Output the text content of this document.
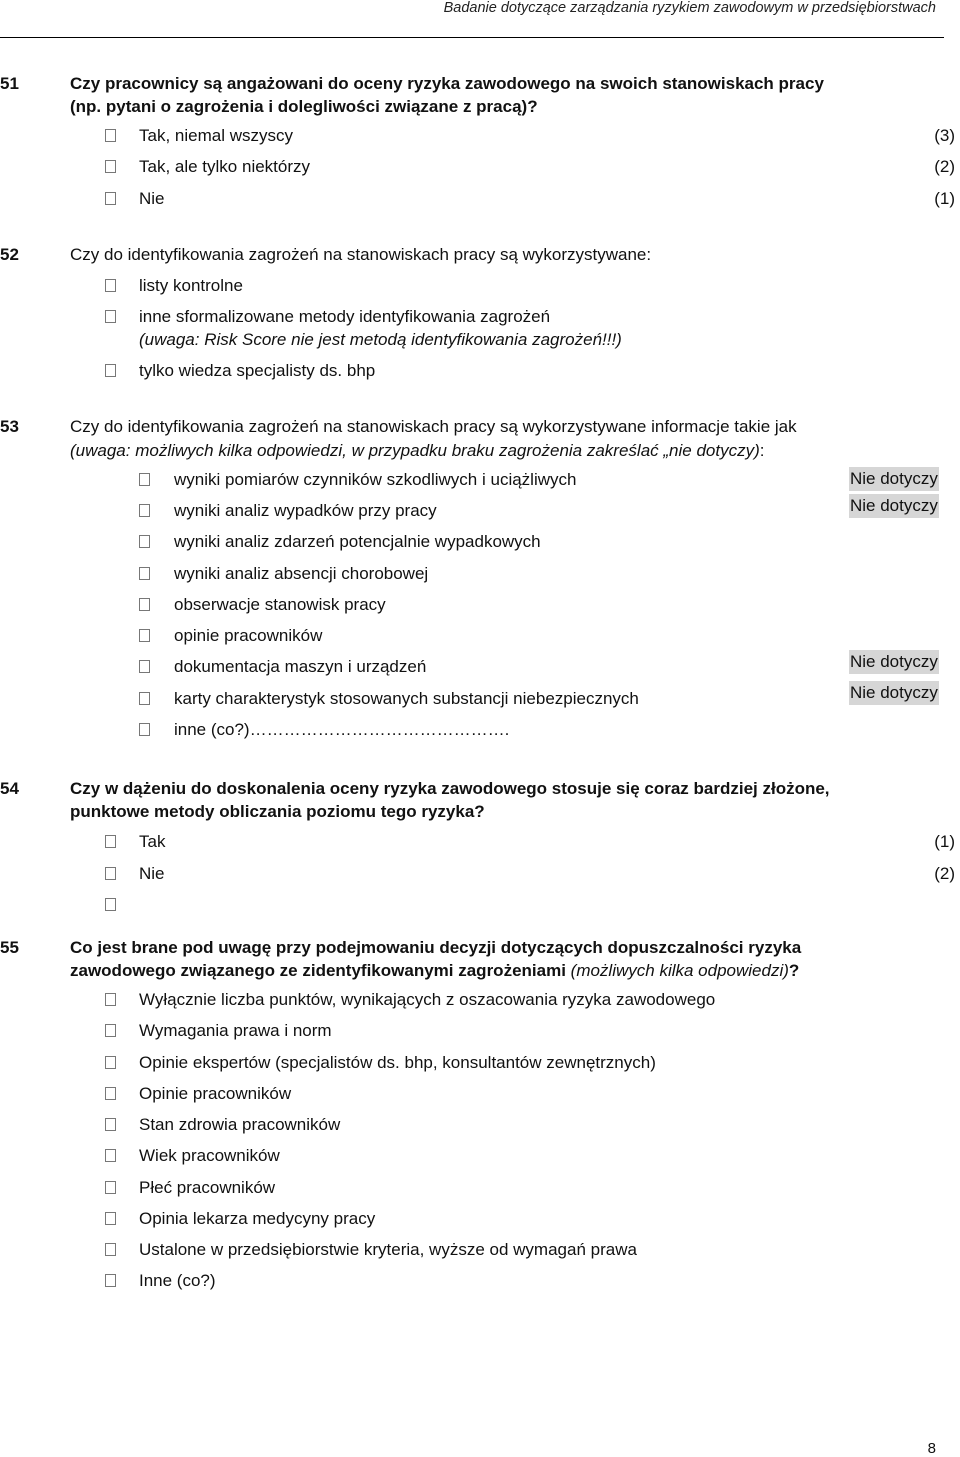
Badanie dotyczące zarządzania ryzykiem zawodowym w przedsiębiorstwach
51	Czy pracownicy są angażowani do oceny ryzyka zawodowego na swoich stanowiskach pracy
(np. pytani o zagrożenia i dolegliwości związane z pracą)?
Tak, niemal wszyscy	(3)
Tak, ale tylko niektórzy	(2)
Nie	(1)
52	Czy do identyfikowania zagrożeń na stanowiskach pracy są wykorzystywane:
listy kontrolne
inne sformalizowane metody identyfikowania zagrożeń
(uwaga: Risk Score nie jest metodą identyfikowania zagrożeń!!!)
tylko wiedza specjalisty ds. bhp
53	Czy do identyfikowania zagrożeń na stanowiskach pracy są wykorzystywane informacje takie jak
(uwaga: możliwych kilka odpowiedzi, w przypadku braku zagrożenia zakreślać „nie dotyczy):
wyniki pomiarów czynników szkodliwych i uciążliwych	Nie dotyczy
wyniki analiz wypadków przy pracy	Nie dotyczy
wyniki analiz zdarzeń potencjalnie wypadkowych
wyniki analiz absencji chorobowej
obserwacje stanowisk pracy
opinie pracowników
dokumentacja maszyn i urządzeń	Nie dotyczy
karty charakterystyk stosowanych substancji niebezpiecznych	Nie dotyczy
inne (co?)……………………………………….
54	Czy w dążeniu do doskonalenia oceny ryzyka zawodowego stosuje się coraz bardziej złożone,
punktowe metody obliczania poziomu tego ryzyka?
Tak	(1)
Nie	(2)
55	Co jest brane pod uwagę przy podejmowaniu decyzji dotyczących dopuszczalności ryzyka
zawodowego związanego ze zidentyfikowanymi zagrożeniami (możliwych kilka odpowiedzi)?
Wyłącznie liczba punktów, wynikających z oszacowania ryzyka zawodowego
Wymagania prawa i norm
Opinie ekspertów (specjalistów ds. bhp, konsultantów zewnętrznych)
Opinie pracowników
Stan zdrowia pracowników
Wiek pracowników
Płeć pracowników
Opinia lekarza medycyny pracy
Ustalone w przedsiębiorstwie kryteria, wyższe od wymagań prawa
Inne (co?)
8
